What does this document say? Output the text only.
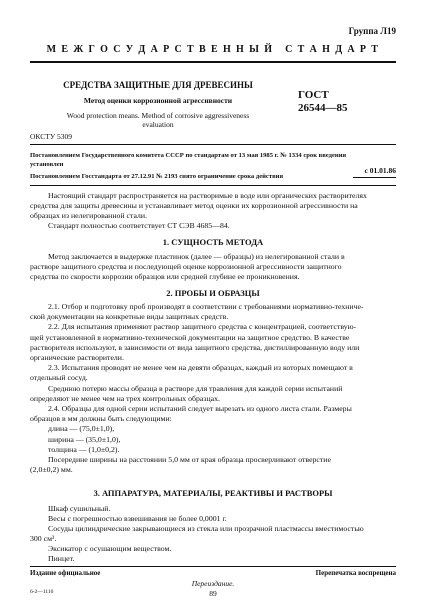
Группа Л19
М Е Ж Г О С У Д А Р С Т В Е Н Н Ы Й   С Т А Н Д А Р Т
СРЕДСТВА ЗАЩИТНЫЕ ДЛЯ ДРЕВЕСИНЫ
Метод оценки коррозионной агрессивности
Wood protection means. Method of corrosive aggressiveness
evaluation
ГОСТ
26544—85
ОКСТУ 5309
Постановлением Государственного комитета СССР по стандартам от 13 мая 1985 г. № 1334 срок введения
установлен
с 01.01.86
Постановлением Госстандарта от 27.12.91 № 2193 снято ограничение срока действия
Настоящий стандарт распространяется на растворимые в воде или органических растворителях
средства для защиты древесины и устанавливает метод оценки их коррозионной агрессивности на
образцах из нелегированной стали.
Стандарт полностью соответствует СТ СЭВ 4685—84.
1. СУЩНОСТЬ МЕТОДА
Метод заключается в выдержке пластинок (далее — образцы) из нелегированной стали в
растворе защитного средства и последующей оценке коррозионной агрессивности защитного
средства по скорости коррозии образцов или средней глубине ее проникновения.
2. ПРОБЫ И ОБРАЗЦЫ
2.1. Отбор и подготовку проб производят в соответствии с требованиями нормативно-техниче-
ской документации на конкретные виды защитных средств.
2.2. Для испытания применяют раствор защитного средства с концентрацией, соответствую-
щей установленной в нормативно-технической документации на защитное средство. В качестве
растворителя используют, в зависимости от вида защитного средства, дистиллированную воду или
органические растворители.
2.3. Испытания проводят не менее чем на девяти образцах, каждый из которых помещают в
отдельный сосуд.
Среднюю потерю массы образца в растворе для травления для каждой серии испытаний
определяют не менее чем на трех контрольных образцах.
2.4. Образцы для одной серии испытаний следует вырезать из одного листа стали. Размеры
образцов в мм должны быть следующими:
длина — (75,0±1,0),
ширина — (35,0±1,0),
толщина — (1,0±0,2).
Посередине ширины на расстоянии 5,0 мм от края образца просверливают отверстие
(2,0±0,2) мм.
3. АППАРАТУРА, МАТЕРИАЛЫ, РЕАКТИВЫ И РАСТВОРЫ
Шкаф сушильный.
Весы с погрешностью взвешивания не более 0,0001 г.
Сосуды цилиндрические закрывающиеся из стекла или прозрачной пластмассы вместимостью
300 см³.
Эксикатор с осушающим веществом.
Пинцет.
Издание официальное	Перепечатка воспрещена
Переиздание.
6-2—1110	89
